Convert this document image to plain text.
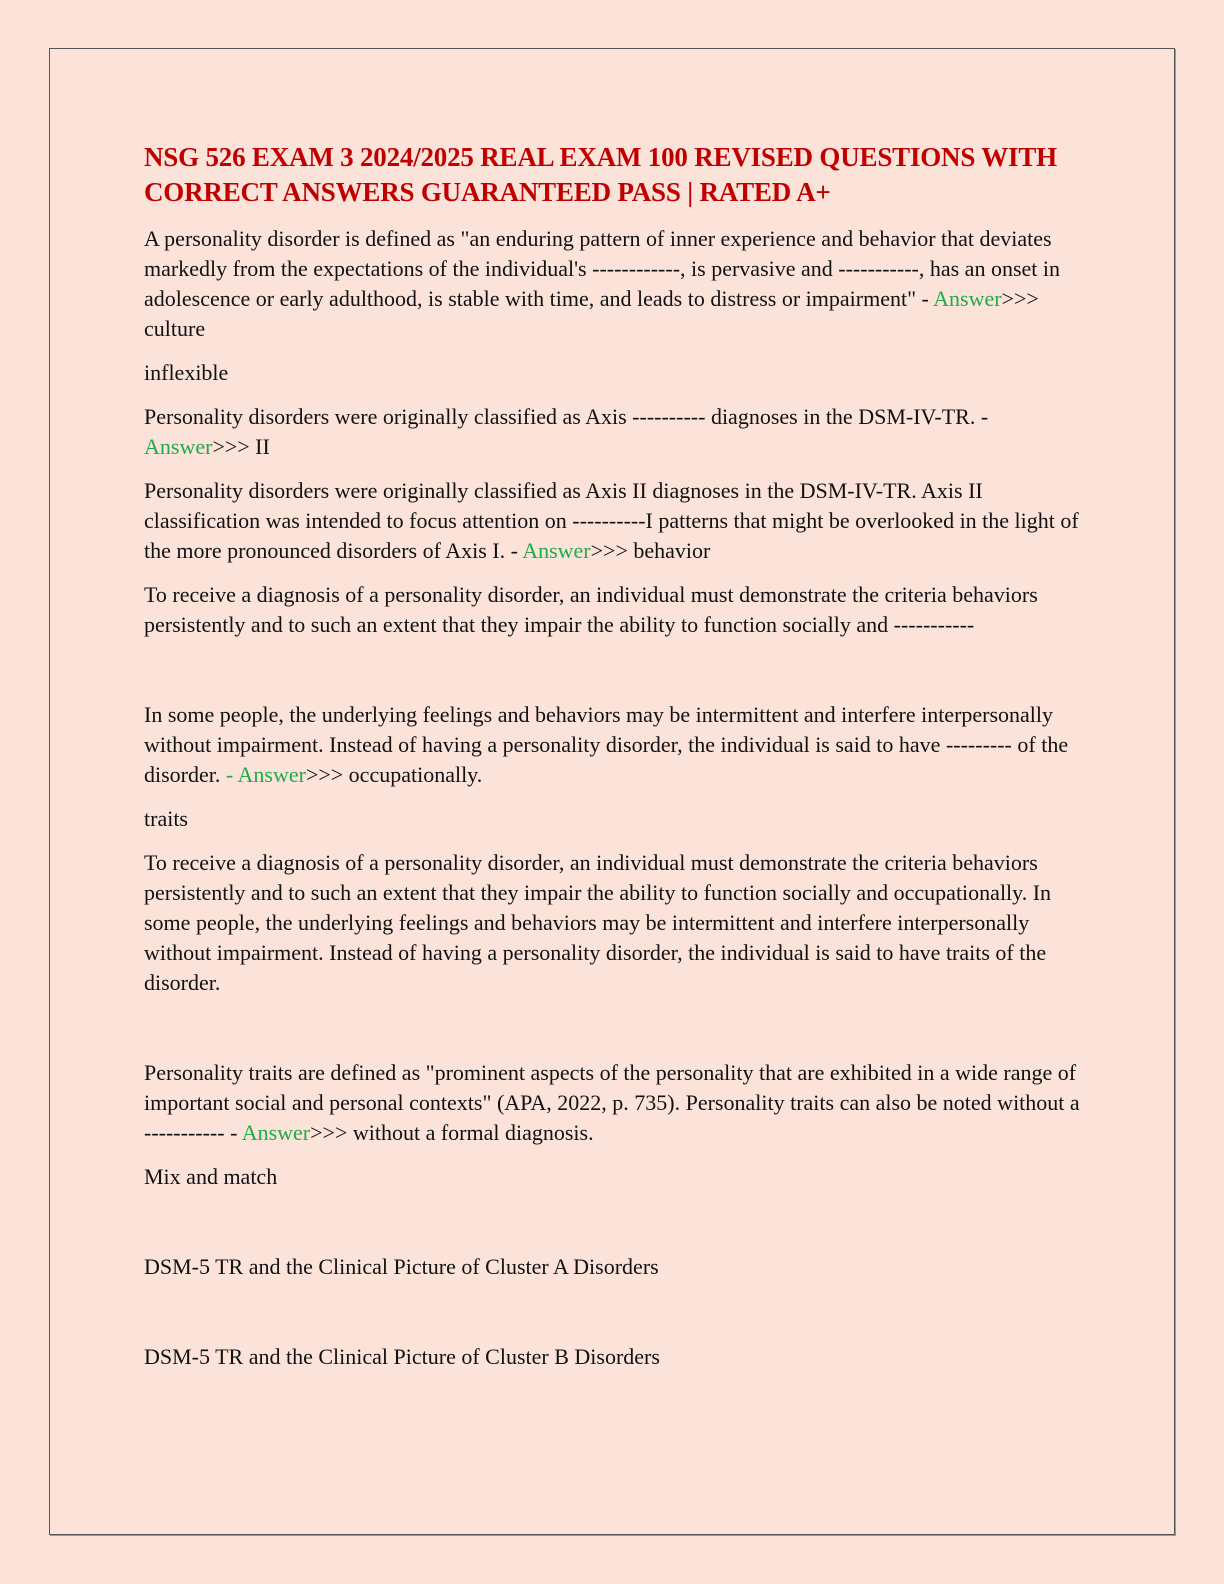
NSG 526 EXAM 3 2024/2025 REAL EXAM 100 REVISED QUESTIONS WITH CORRECT ANSWERS GUARANTEED PASS | RATED A+

A personality disorder is defined as "an enduring pattern of inner experience and behavior that deviates markedly from the expectations of the individual's ------------, is pervasive and -----------, has an onset in adolescence or early adulthood, is stable with time, and leads to distress or impairment" - Answer>>> culture

inflexible

Personality disorders were originally classified as Axis ---------- diagnoses in the DSM-IV-TR. - Answer>>> II

Personality disorders were originally classified as Axis II diagnoses in the DSM-IV-TR. Axis II classification was intended to focus attention on ----------I patterns that might be overlooked in the light of the more pronounced disorders of Axis I. - Answer>>> behavior

To receive a diagnosis of a personality disorder, an individual must demonstrate the criteria behaviors persistently and to such an extent that they impair the ability to function socially and -----------

In some people, the underlying feelings and behaviors may be intermittent and interfere interpersonally without impairment. Instead of having a personality disorder, the individual is said to have --------- of the disorder. - Answer>>> occupationally.

traits

To receive a diagnosis of a personality disorder, an individual must demonstrate the criteria behaviors persistently and to such an extent that they impair the ability to function socially and occupationally. In some people, the underlying feelings and behaviors may be intermittent and interfere interpersonally without impairment. Instead of having a personality disorder, the individual is said to have traits of the disorder.

Personality traits are defined as "prominent aspects of the personality that are exhibited in a wide range of important social and personal contexts" (APA, 2022, p. 735). Personality traits can also be noted without a ----------- - Answer>>> without a formal diagnosis.

Mix and match

DSM-5 TR and the Clinical Picture of Cluster A Disorders

DSM-5 TR and the Clinical Picture of Cluster B Disorders
